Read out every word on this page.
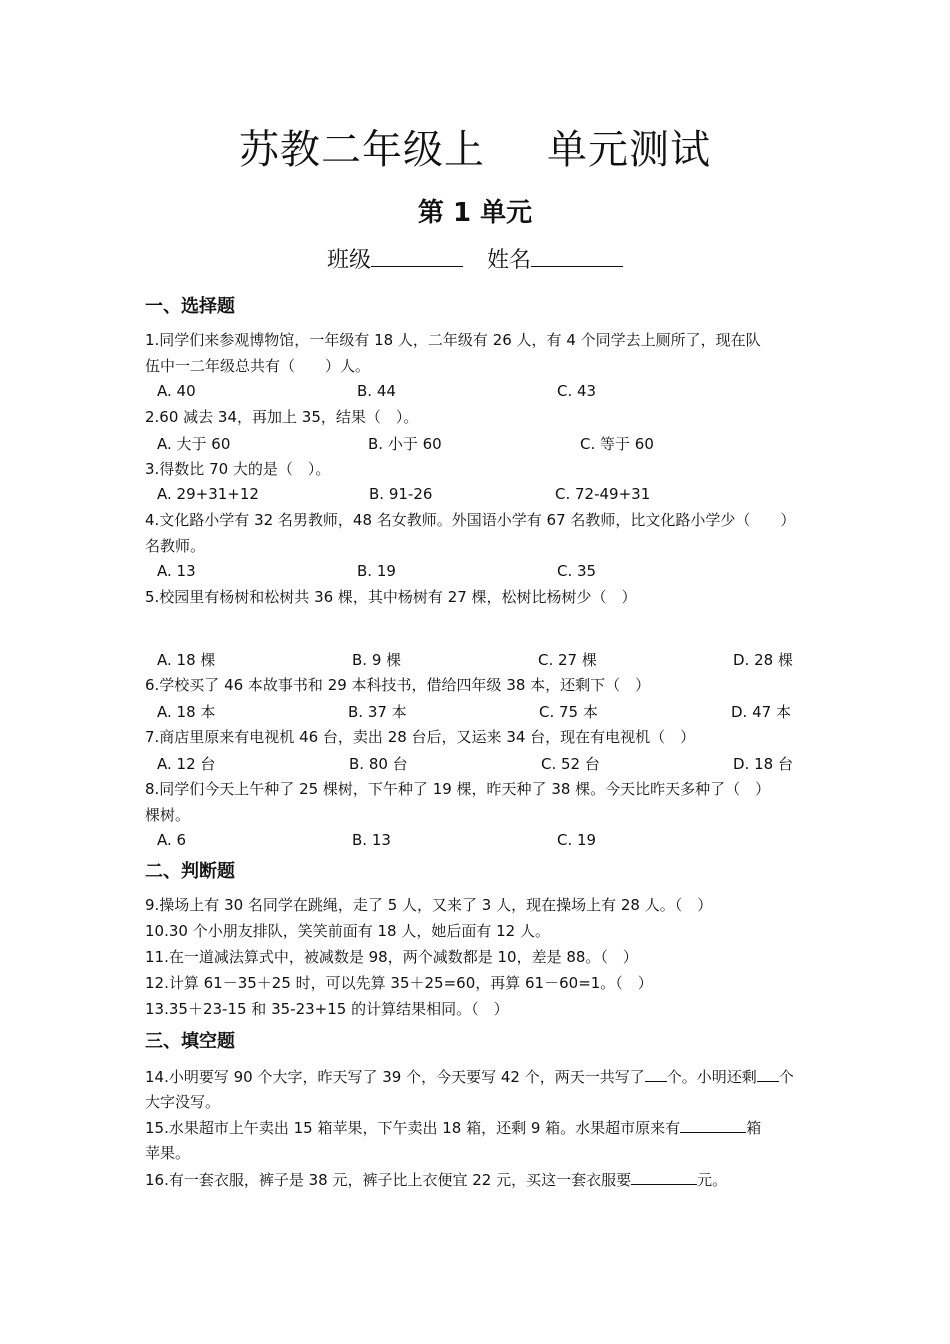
苏教二年级上 单元测试
第 1 单元
班级	姓名
一、选择题
1.同学们来参观博物馆，一年级有 18 人，二年级有 26 人，有 4 个同学去上厕所了，现在队
伍中一二年级总共有（　　）人。
A. 40	B. 44	C. 43
2.60 减去 34，再加上 35，结果（　）。
A. 大于 60	B. 小于 60	C. 等于 60
3.得数比 70 大的是（　）。
A. 29+31+12	B. 91-26	C. 72-49+31
4.文化路小学有 32 名男教师，48 名女教师。外国语小学有 67 名教师，比文化路小学少（　　）
名教师。
A. 13	B. 19	C. 35
5.校园里有杨树和松树共 36 棵，其中杨树有 27 棵，松树比杨树少（　）
A. 18 棵	B. 9 棵	C. 27 棵	D. 28 棵
6.学校买了 46 本故事书和 29 本科技书，借给四年级 38 本，还剩下（　）
A. 18 本	B. 37 本	C. 75 本	D. 47 本
7.商店里原来有电视机 46 台，卖出 28 台后，又运来 34 台，现在有电视机（　）
A. 12 台	B. 80 台	C. 52 台	D. 18 台
8.同学们今天上午种了 25 棵树，下午种了 19 棵，昨天种了 38 棵。今天比昨天多种了（　）
棵树。
A. 6	B. 13	C. 19
二、判断题
9.操场上有 30 名同学在跳绳，走了 5 人，又来了 3 人，现在操场上有 28 人。（　）
10.30 个小朋友排队，笑笑前面有 18 人，她后面有 12 人。
11.在一道减法算式中，被减数是 98，两个减数都是 10，差是 88。（　）
12.计算 61－35＋25 时，可以先算 35＋25=60，再算 61－60=1。（　）
13.35＋23-15 和 35-23+15 的计算结果相同。（　）
三、填空题
14.小明要写 90 个大字，昨天写了 39 个，今天要写 42 个，两天一共写了 个。小明还剩 个
大字没写。
15.水果超市上午卖出 15 箱苹果，下午卖出 18 箱，还剩 9 箱。水果超市原来有	箱
苹果。
16.有一套衣服，裤子是 38 元，裤子比上衣便宜 22 元，买这一套衣服要	元。
